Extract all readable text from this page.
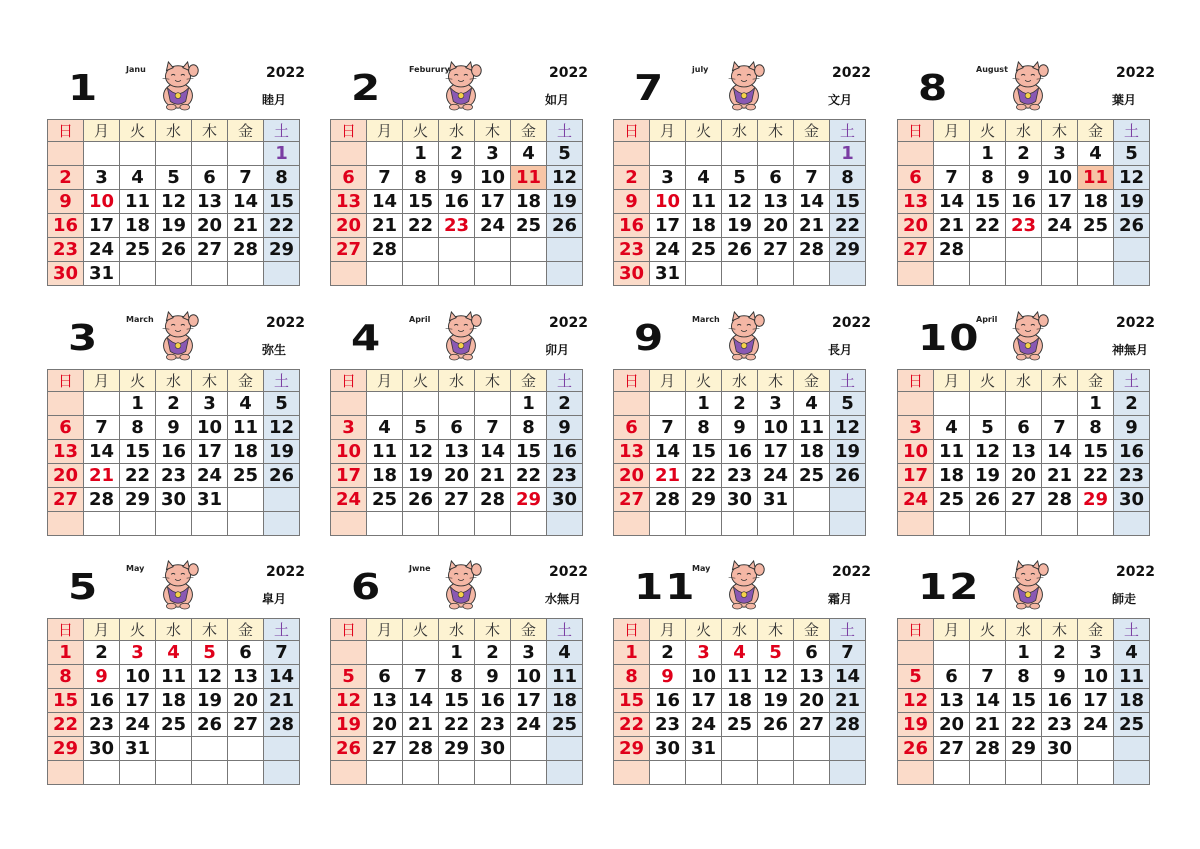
1	Janu	2022
睦月
日	月	火	水	木	金	土
						1
2	3	4	5	6	7	8
9	10	11	12	13	14	15
16	17	18	19	20	21	22
23	24	25	26	27	28	29
30	31					
2	Feburury	2022
如月
日	月	火	水	木	金	土
		1	2	3	4	5
6	7	8	9	10	11	12
13	14	15	16	17	18	19
20	21	22	23	24	25	26
27	28					

7	july	2022
文月
日	月	火	水	木	金	土
						1
2	3	4	5	6	7	8
9	10	11	12	13	14	15
16	17	18	19	20	21	22
23	24	25	26	27	28	29
30	31					
8	August	2022
葉月
日	月	火	水	木	金	土
		1	2	3	4	5
6	7	8	9	10	11	12
13	14	15	16	17	18	19
20	21	22	23	24	25	26
27	28					

3	March	2022
弥生
日	月	火	水	木	金	土
		1	2	3	4	5
6	7	8	9	10	11	12
13	14	15	16	17	18	19
20	21	22	23	24	25	26
27	28	29	30	31		

4	April	2022
卯月
日	月	火	水	木	金	土
					1	2
3	4	5	6	7	8	9
10	11	12	13	14	15	16
17	18	19	20	21	22	23
24	25	26	27	28	29	30

9	March	2022
長月
日	月	火	水	木	金	土
		1	2	3	4	5
6	7	8	9	10	11	12
13	14	15	16	17	18	19
20	21	22	23	24	25	26
27	28	29	30	31		

10
April	2022
神無月
日	月	火	水	木	金	土
					1	2
3	4	5	6	7	8	9
10	11	12	13	14	15	16
17	18	19	20	21	22	23
24	25	26	27	28	29	30

5	May	2022
皐月
日	月	火	水	木	金	土
1	2	3	4	5	6	7
8	9	10	11	12	13	14
15	16	17	18	19	20	21
22	23	24	25	26	27	28
29	30	31				

6	Jwne	2022
水無月
日	月	火	水	木	金	土
			1	2	3	4
5	6	7	8	9	10	11
12	13	14	15	16	17	18
19	20	21	22	23	24	25
26	27	28	29	30		

11
May	2022
霜月
日	月	火	水	木	金	土
1	2	3	4	5	6	7
8	9	10	11	12	13	14
15	16	17	18	19	20	21
22	23	24	25	26	27	28
29	30	31				

12	2022
師走
日	月	火	水	木	金	土
			1	2	3	4
5	6	7	8	9	10	11
12	13	14	15	16	17	18
19	20	21	22	23	24	25
26	27	28	29	30		
